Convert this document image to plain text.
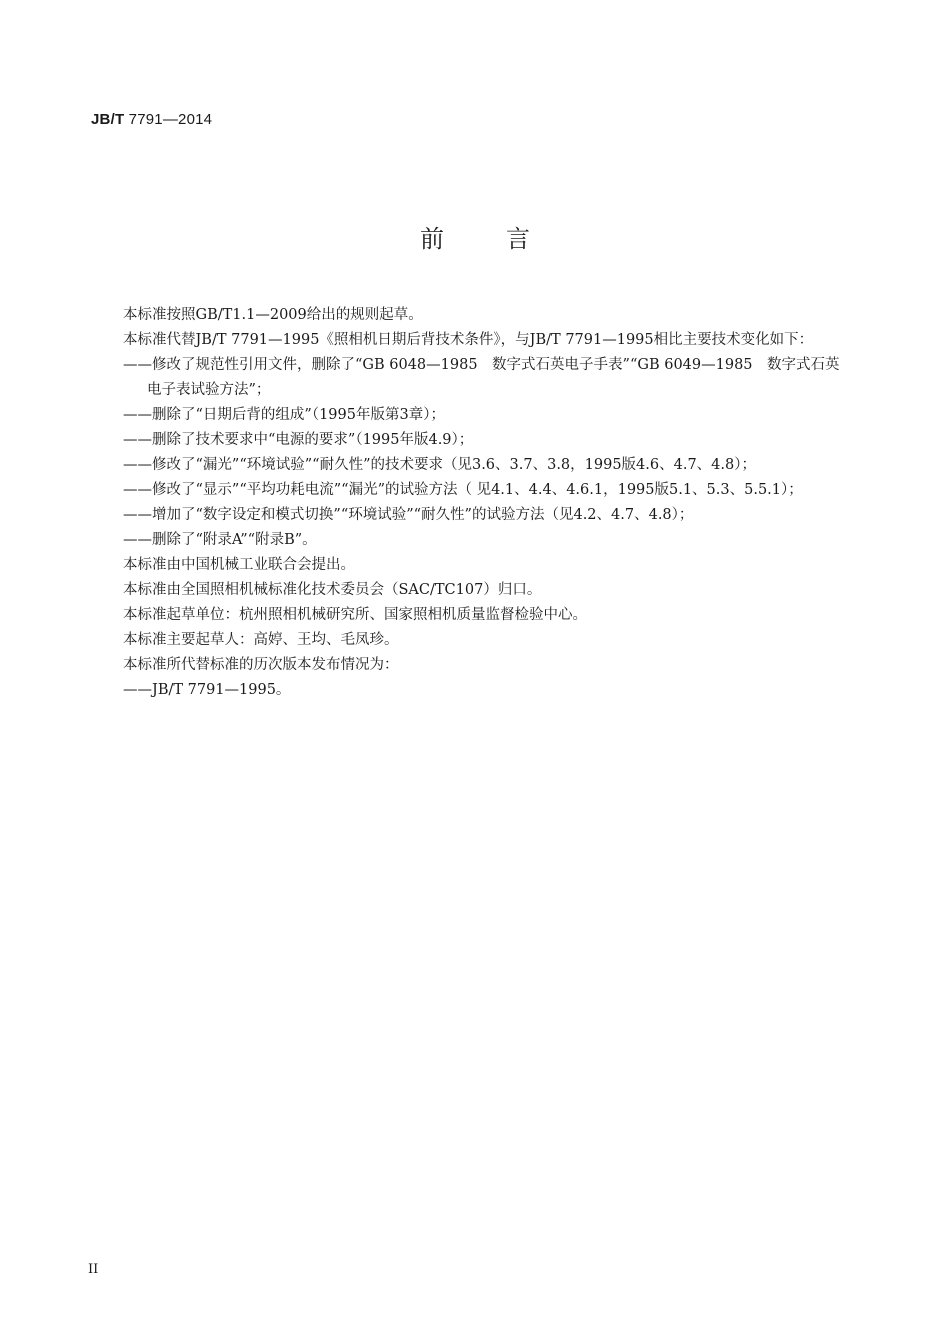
JB/T 7791—2014
前	言

本标准按照GB/T1.1—2009给出的规则起草。

本标准代替JB/T 7791—1995《照相机日期后背技术条件》，与JB/T 7791—1995相比主要技术变化如下：

——修改了规范性引用文件，删除了“GB 6048—1985　数字式石英电子手表”“GB 6049—1985　数字式石英电子表试验方法”；

——删除了“日期后背的组成”（1995年版第3章）；

——删除了技术要求中“电源的要求”（1995年版4.9）；

——修改了“漏光”“环境试验”“耐久性”的技术要求（见3.6、3.7、3.8，1995版4.6、4.7、4.8）；

——修改了“显示”“平均功耗电流”“漏光”的试验方法（ 见4.1、4.4、4.6.1，1995版5.1、5.3、5.5.1）；

——增加了“数字设定和模式切换”“环境试验”“耐久性”的试验方法（见4.2、4.7、4.8）；

——删除了“附录A”“附录B”。

本标准由中国机械工业联合会提出。

本标准由全国照相机械标准化技术委员会（SAC/TC107）归口。

本标准起草单位：杭州照相机械研究所、国家照相机质量监督检验中心。

本标准主要起草人：高婷、王均、毛凤珍。

本标准所代替标准的历次版本发布情况为：

——JB/T 7791—1995。

II
